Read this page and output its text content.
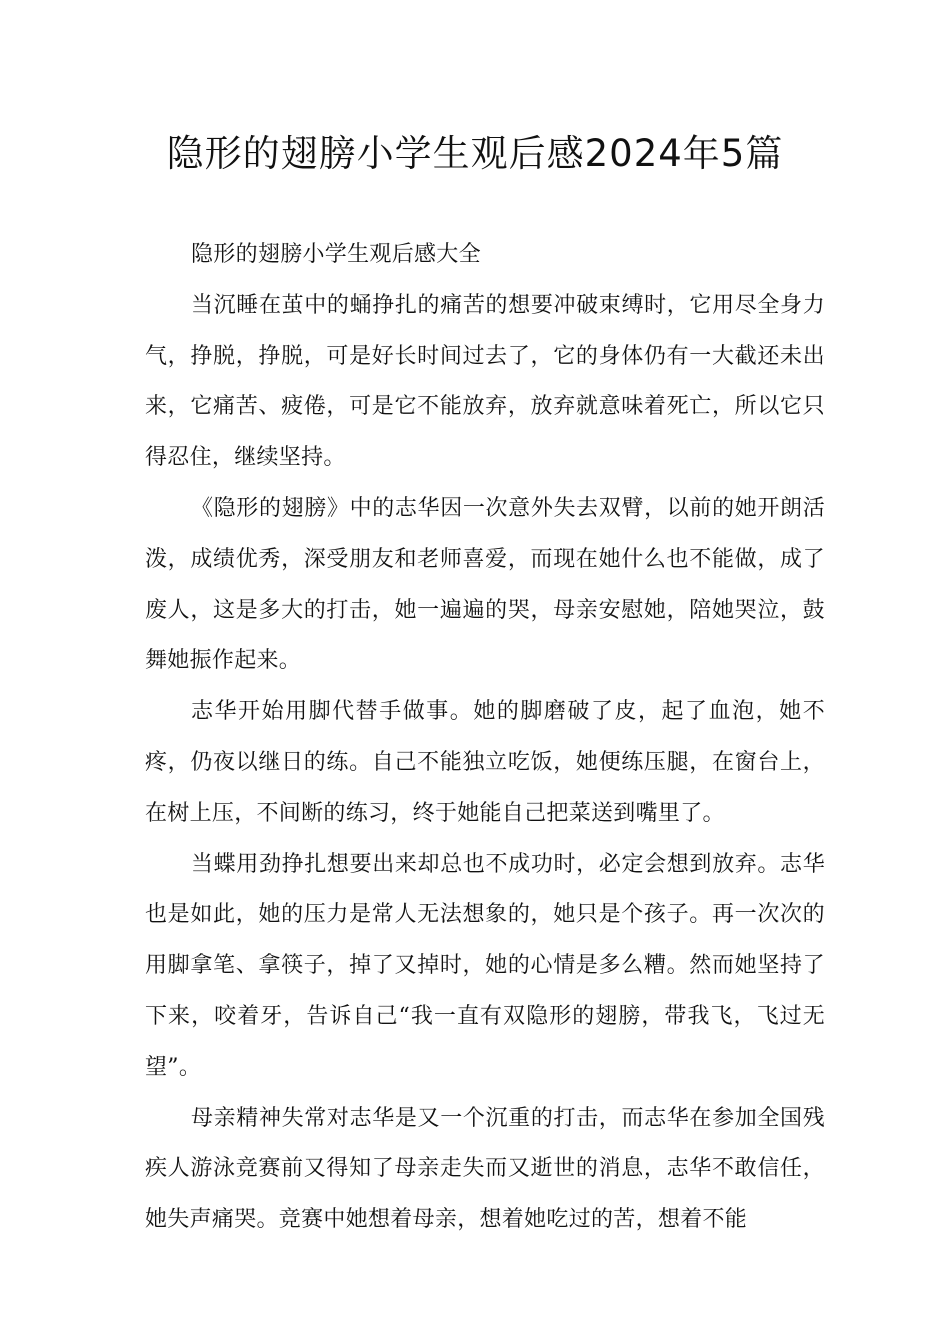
隐形的翅膀小学生观后感2024年5篇

隐形的翅膀小学生观后感大全

当沉睡在茧中的蛹挣扎的痛苦的想要冲破束缚时，它用尽全身力气，挣脱，挣脱，可是好长时间过去了，它的身体仍有一大截还未出来，它痛苦、疲倦，可是它不能放弃，放弃就意味着死亡，所以它只得忍住，继续坚持。

《隐形的翅膀》中的志华因一次意外失去双臂，以前的她开朗活泼，成绩优秀，深受朋友和老师喜爱，而现在她什么也不能做，成了废人，这是多大的打击，她一遍遍的哭，母亲安慰她，陪她哭泣，鼓舞她振作起来。

志华开始用脚代替手做事。她的脚磨破了皮，起了血泡，她不疼，仍夜以继日的练。自己不能独立吃饭，她便练压腿，在窗台上，在树上压，不间断的练习，终于她能自己把菜送到嘴里了。

当蝶用劲挣扎想要出来却总也不成功时，必定会想到放弃。志华也是如此，她的压力是常人无法想象的，她只是个孩子。再一次次的用脚拿笔、拿筷子，掉了又掉时，她的心情是多么糟。然而她坚持了下来，咬着牙，告诉自己“我一直有双隐形的翅膀，带我飞，飞过无望”。

母亲精神失常对志华是又一个沉重的打击，而志华在参加全国残疾人游泳竞赛前又得知了母亲走失而又逝世的消息，志华不敢信任，她失声痛哭。竞赛中她想着母亲，想着她吃过的苦，想着不能
